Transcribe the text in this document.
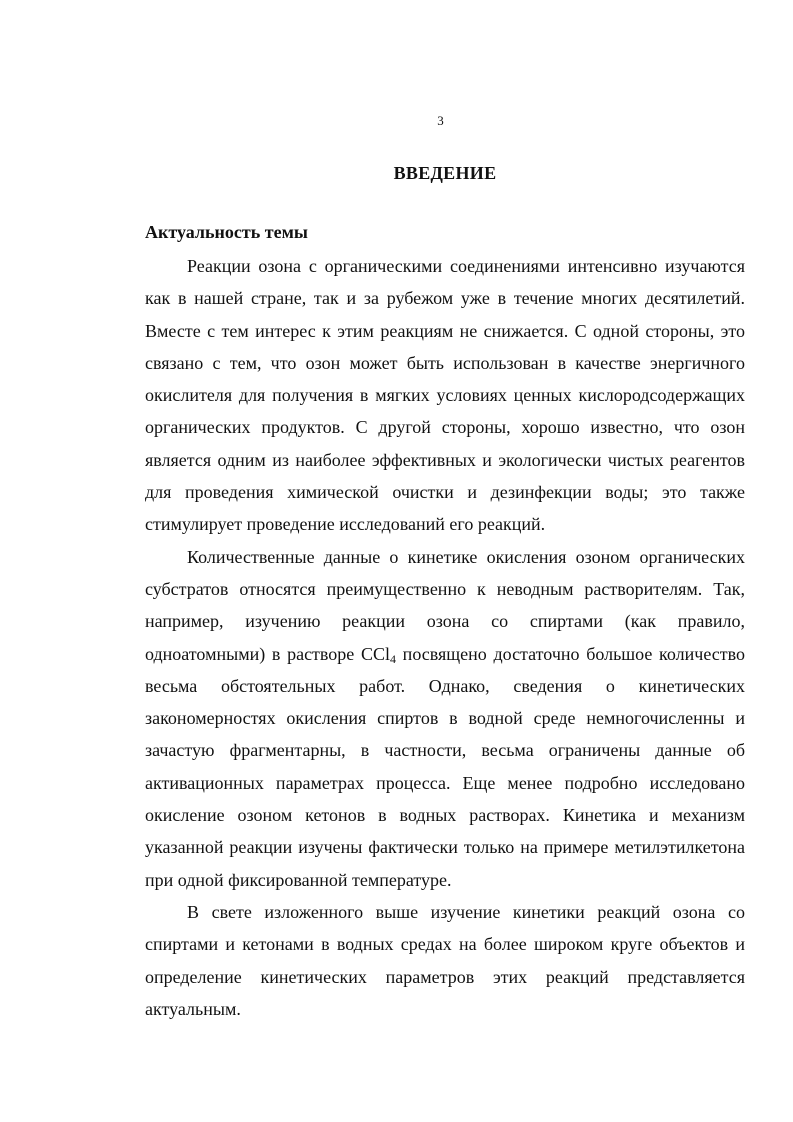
3
ВВЕДЕНИЕ
Актуальность темы

Реакции озона с органическими соединениями интенсивно изучаются как в нашей стране, так и за рубежом уже в течение многих десятилетий. Вместе с тем интерес к этим реакциям не снижается. С одной стороны, это связано с тем, что озон может быть использован в качестве энергичного окислителя для получения в мягких условиях ценных кислородсодержащих органических продуктов. С другой стороны, хорошо известно, что озон является одним из наиболее эффективных и экологически чистых реагентов для проведения химической очистки и дезинфекции воды; это также стимулирует проведение исследований его реакций.

Количественные данные о кинетике окисления озоном органических субстратов относятся преимущественно к неводным растворителям. Так, например, изучению реакции озона со спиртами (как правило, одноатомными) в растворе CCl$_4$ посвящено достаточно большое количество весьма обстоятельных работ. Однако, сведения о кинетических закономерностях окисления спиртов в водной среде немногочисленны и зачастую фрагментарны, в частности, весьма ограничены данные об активационных параметрах процесса. Еще менее подробно исследовано окисление озоном кетонов в водных растворах. Кинетика и механизм указанной реакции изучены фактически только на примере метилэтилкетона при одной фиксированной температуре.

В свете изложенного выше изучение кинетики реакций озона со спиртами и кетонами в водных средах на более широком круге объектов и определение кинетических параметров этих реакций представляется актуальным.
